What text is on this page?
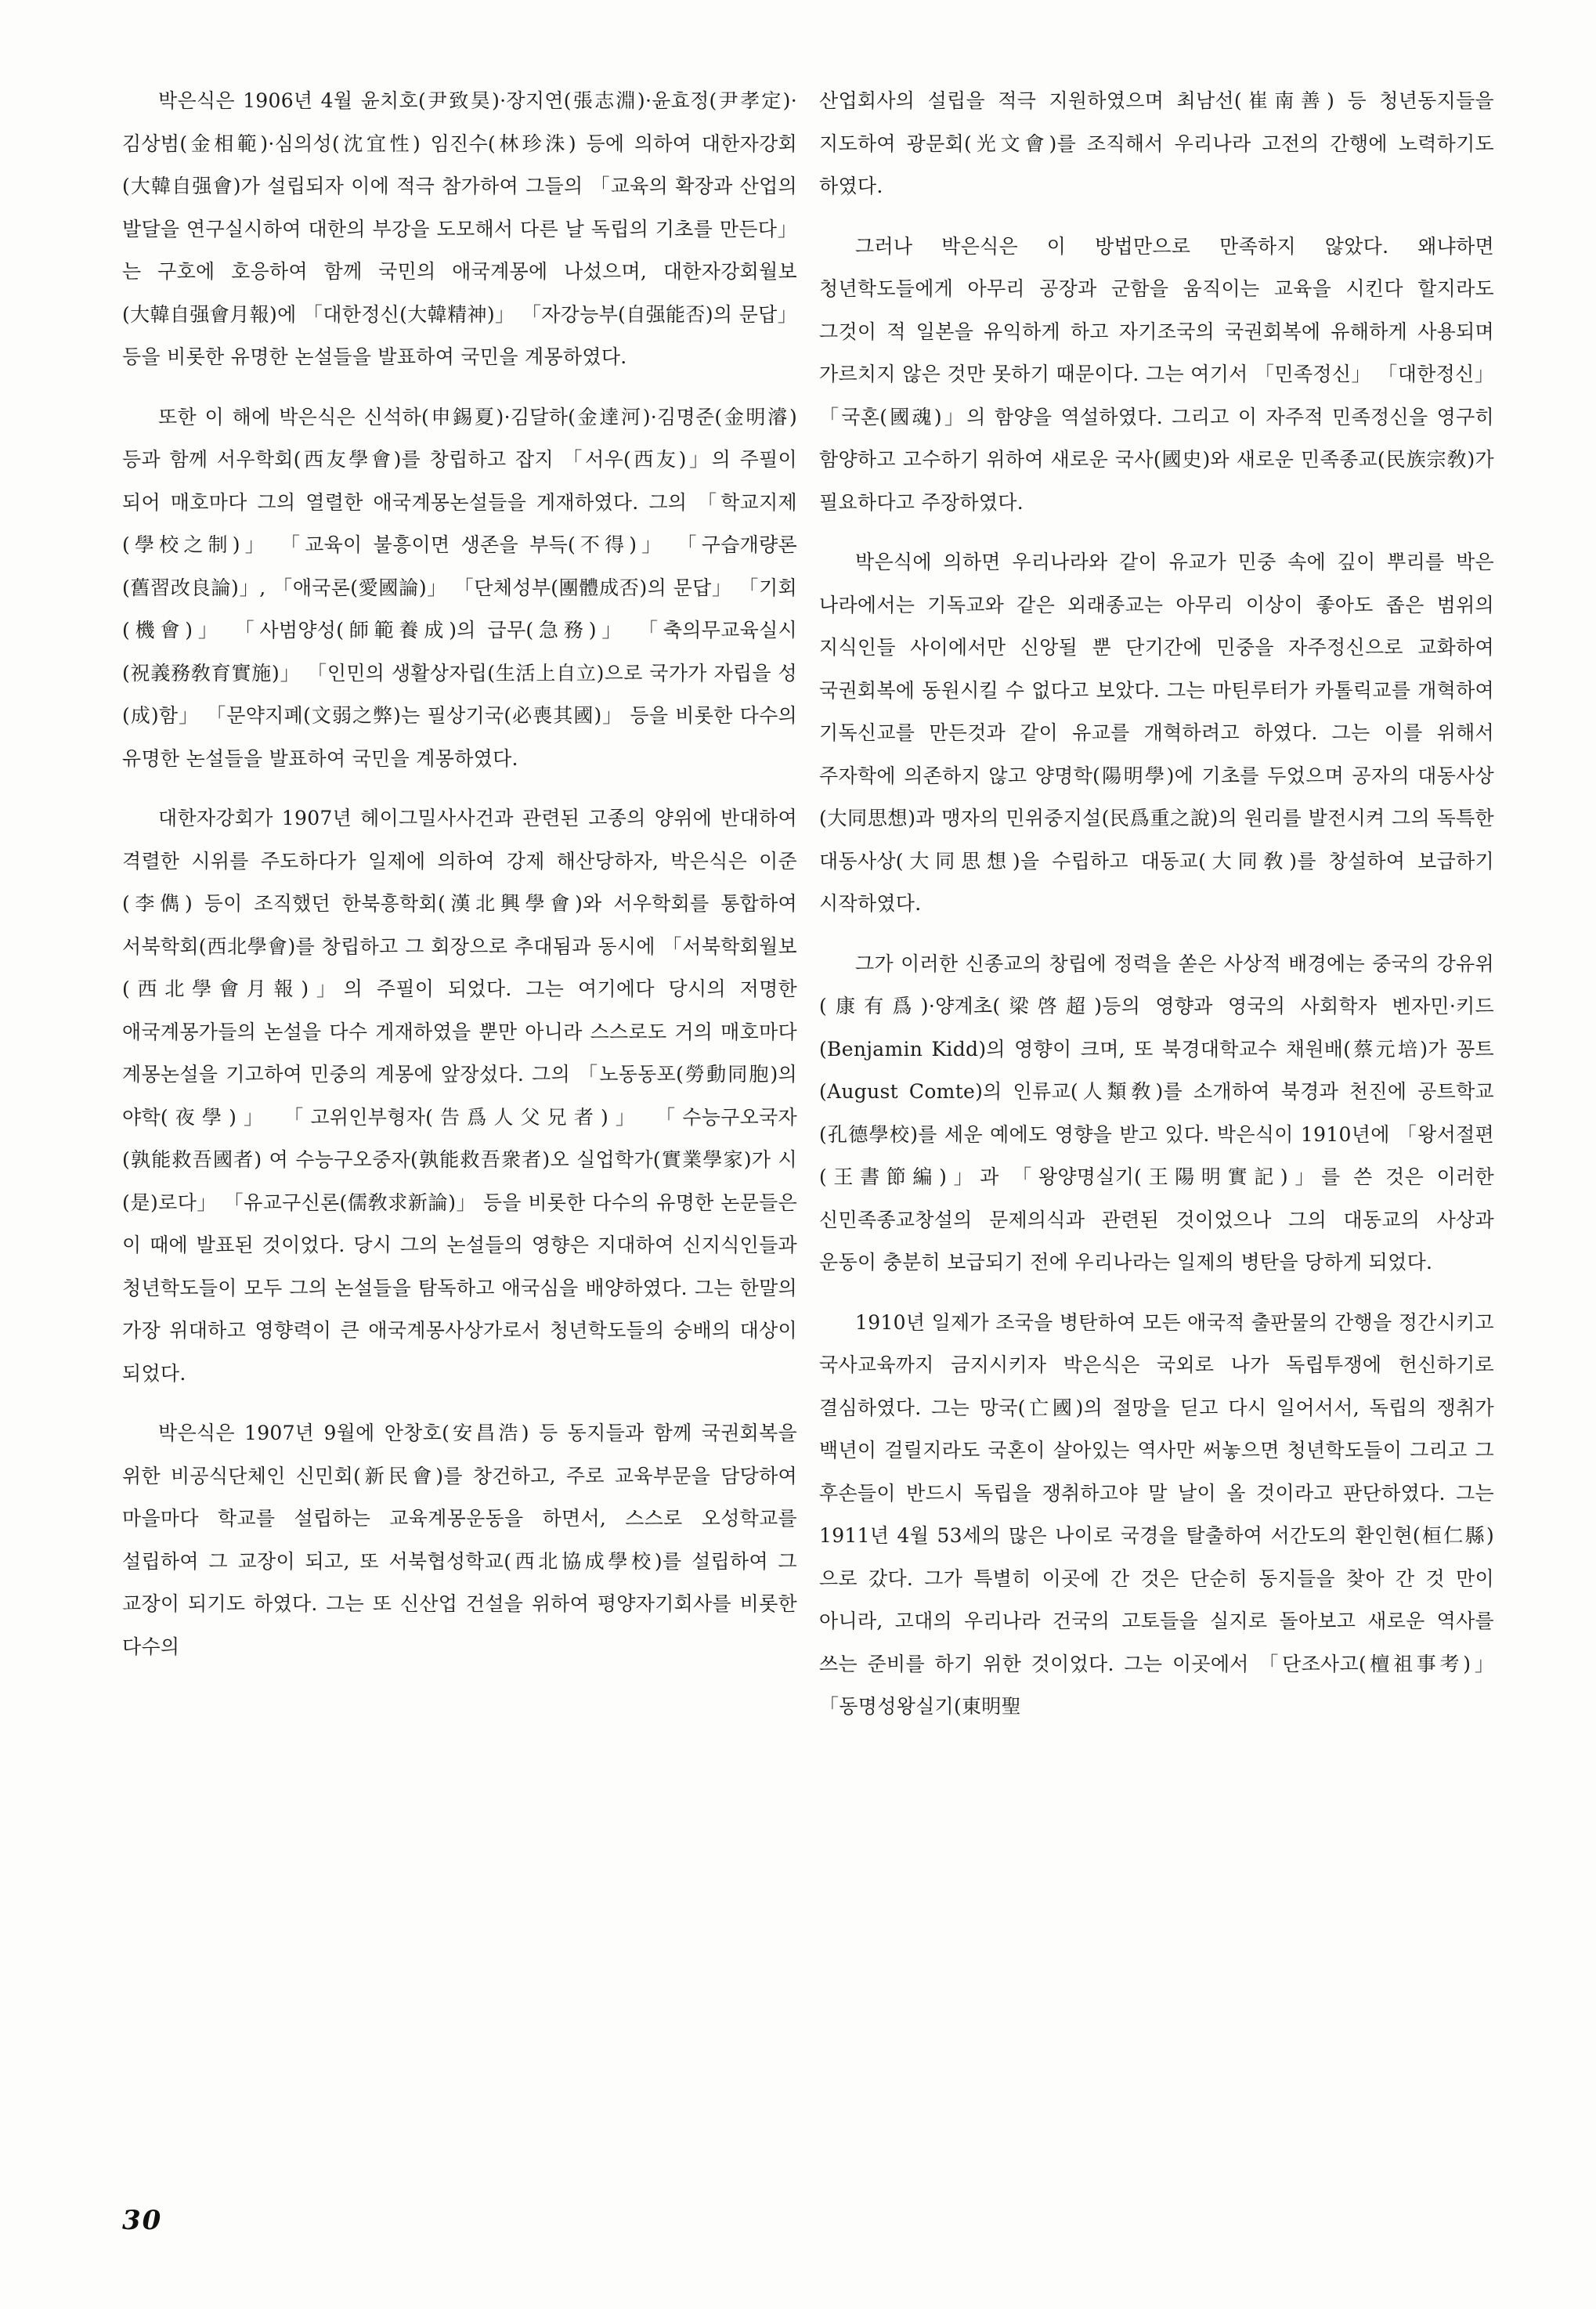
박은식은 1906년 4월 윤치호(尹致昊)·장지연(張志淵)·윤효정(尹孝定)·김상범(金相範)·심의성(沈宜性) 임진수(林珍洙) 등에 의하여 대한자강회(大韓自强會)가 설립되자 이에 적극 참가하여 그들의 「교육의 확장과 산업의 발달을 연구실시하여 대한의 부강을 도모해서 다른 날 독립의 기초를 만든다」는 구호에 호응하여 함께 국민의 애국계몽에 나섰으며, 대한자강회월보(大韓自强會月報)에 「대한정신(大韓精神)」 「자강능부(自强能否)의 문답」등을 비롯한 유명한 논설들을 발표하여 국민을 계몽하였다.

또한 이 해에 박은식은 신석하(申錫夏)·김달하(金達河)·김명준(金明濬)등과 함께 서우학회(西友學會)를 창립하고 잡지 「서우(西友)」의 주필이 되어 매호마다 그의 열렬한 애국계몽논설들을 게재하였다. 그의 「학교지제(學校之制)」 「교육이 불흥이면 생존을 부득(不得)」 「구습개량론(舊習改良論)」, 「애국론(愛國論)」 「단체성부(團體成否)의 문답」 「기회(機會)」 「사범양성(師範養成)의 급무(急務)」 「축의무교육실시(祝義務敎育實施)」 「인민의 생활상자립(生活上自立)으로 국가가 자립을 성(成)함」 「문약지폐(文弱之弊)는 필상기국(必喪其國)」 등을 비롯한 다수의 유명한 논설들을 발표하여 국민을 계몽하였다.

대한자강회가 1907년 헤이그밀사사건과 관련된 고종의 양위에 반대하여 격렬한 시위를 주도하다가 일제에 의하여 강제 해산당하자, 박은식은 이준(李儁) 등이 조직했던 한북흥학회(漢北興學會)와 서우학회를 통합하여 서북학회(西北學會)를 창립하고 그 회장으로 추대됨과 동시에 「서북학회월보(西北學會月報)」의 주필이 되었다. 그는 여기에다 당시의 저명한 애국계몽가들의 논설을 다수 게재하였을 뿐만 아니라 스스로도 거의 매호마다 계몽논설을 기고하여 민중의 계몽에 앞장섰다. 그의 「노동동포(勞動同胞)의 야학(夜學)」 「고위인부형자(告爲人父兄者)」 「수능구오국자(孰能救吾國者) 여 수능구오중자(孰能救吾衆者)오 실업학가(實業學家)가 시(是)로다」 「유교구신론(儒敎求新論)」 등을 비롯한 다수의 유명한 논문들은 이 때에 발표된 것이었다. 당시 그의 논설들의 영향은 지대하여 신지식인들과 청년학도들이 모두 그의 논설들을 탐독하고 애국심을 배양하였다. 그는 한말의 가장 위대하고 영향력이 큰 애국계몽사상가로서 청년학도들의 숭배의 대상이 되었다.

박은식은 1907년 9월에 안창호(安昌浩) 등 동지들과 함께 국권회복을 위한 비공식단체인 신민회(新民會)를 창건하고, 주로 교육부문을 담당하여 마을마다 학교를 설립하는 교육계몽운동을 하면서, 스스로 오성학교를 설립하여 그 교장이 되고, 또 서북협성학교(西北協成學校)를 설립하여 그 교장이 되기도 하였다. 그는 또 신산업 건설을 위하여 평양자기회사를 비롯한 다수의

산업회사의 설립을 적극 지원하였으며 최남선(崔南善) 등 청년동지들을 지도하여 광문회(光文會)를 조직해서 우리나라 고전의 간행에 노력하기도 하였다.

그러나 박은식은 이 방법만으로 만족하지 않았다. 왜냐하면 청년학도들에게 아무리 공장과 군함을 움직이는 교육을 시킨다 할지라도 그것이 적 일본을 유익하게 하고 자기조국의 국권회복에 유해하게 사용되며 가르치지 않은 것만 못하기 때문이다. 그는 여기서 「민족정신」 「대한정신」 「국혼(國魂)」의 함양을 역설하였다. 그리고 이 자주적 민족정신을 영구히 함양하고 고수하기 위하여 새로운 국사(國史)와 새로운 민족종교(民族宗敎)가 필요하다고 주장하였다.

박은식에 의하면 우리나라와 같이 유교가 민중 속에 깊이 뿌리를 박은 나라에서는 기독교와 같은 외래종교는 아무리 이상이 좋아도 좁은 범위의 지식인들 사이에서만 신앙될 뿐 단기간에 민중을 자주정신으로 교화하여 국권회복에 동원시킬 수 없다고 보았다. 그는 마틴루터가 카톨릭교를 개혁하여 기독신교를 만든것과 같이 유교를 개혁하려고 하였다. 그는 이를 위해서 주자학에 의존하지 않고 양명학(陽明學)에 기초를 두었으며 공자의 대동사상(大同思想)과 맹자의 민위중지설(民爲重之說)의 원리를 발전시켜 그의 독특한 대동사상(大同思想)을 수립하고 대동교(大同敎)를 창설하여 보급하기 시작하였다.

그가 이러한 신종교의 창립에 정력을 쏟은 사상적 배경에는 중국의 강유위(康有爲)·양계초(梁啓超)등의 영향과 영국의 사회학자 벤자민·키드(Benjamin Kidd)의 영향이 크며, 또 북경대학교수 채원배(蔡元培)가 꽁트(August Comte)의 인류교(人類敎)를 소개하여 북경과 천진에 공트학교(孔德學校)를 세운 예에도 영향을 받고 있다. 박은식이 1910년에 「왕서절편(王書節編)」과 「왕양명실기(王陽明實記)」를 쓴 것은 이러한 신민족종교창설의 문제의식과 관련된 것이었으나 그의 대동교의 사상과 운동이 충분히 보급되기 전에 우리나라는 일제의 병탄을 당하게 되었다.

1910년 일제가 조국을 병탄하여 모든 애국적 출판물의 간행을 정간시키고 국사교육까지 금지시키자 박은식은 국외로 나가 독립투쟁에 헌신하기로 결심하였다. 그는 망국(亡國)의 절망을 딛고 다시 일어서서, 독립의 쟁취가 백년이 걸릴지라도 국혼이 살아있는 역사만 써놓으면 청년학도들이 그리고 그 후손들이 반드시 독립을 쟁취하고야 말 날이 올 것이라고 판단하였다. 그는 1911년 4월 53세의 많은 나이로 국경을 탈출하여 서간도의 환인현(桓仁縣)으로 갔다. 그가 특별히 이곳에 간 것은 단순히 동지들을 찾아 간 것 만이 아니라, 고대의 우리나라 건국의 고토들을 실지로 돌아보고 새로운 역사를 쓰는 준비를 하기 위한 것이었다. 그는 이곳에서 「단조사고(檀祖事考)」 「동명성왕실기(東明聖

30
